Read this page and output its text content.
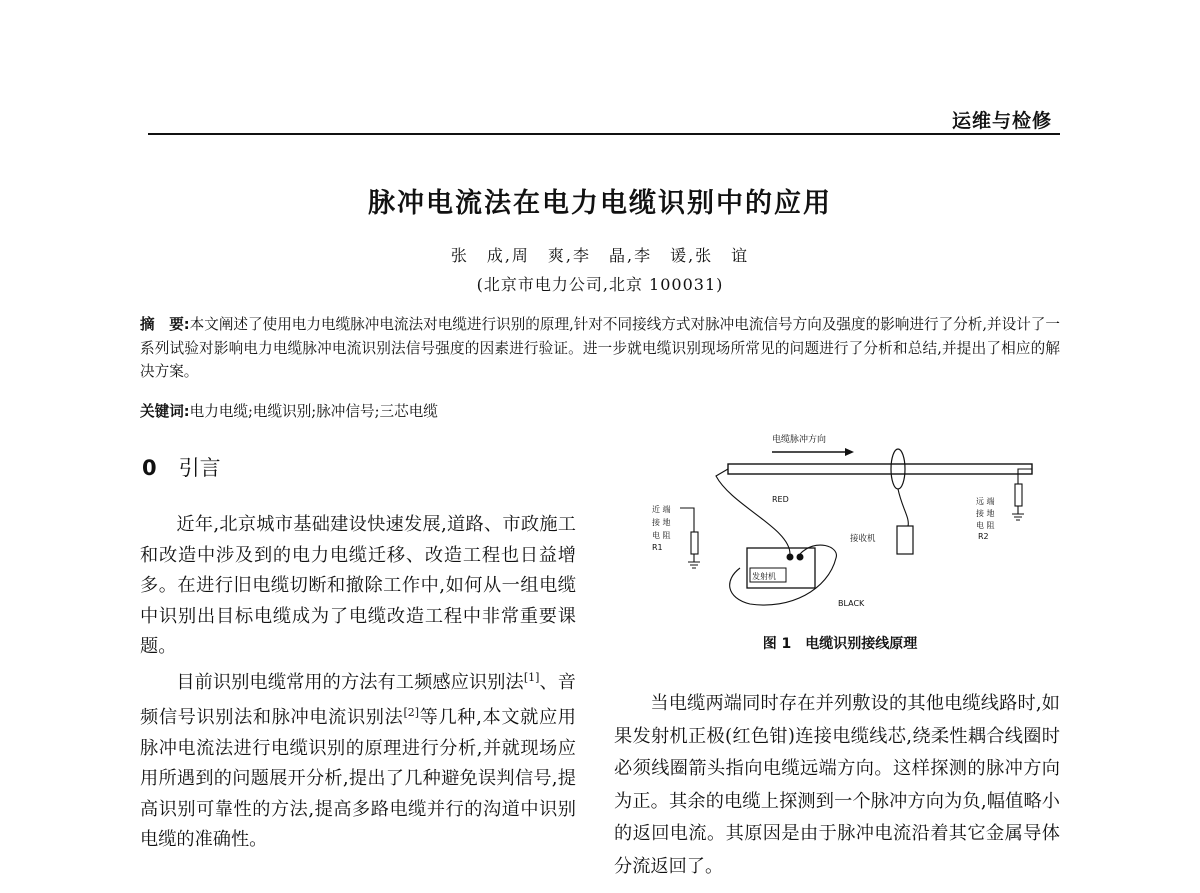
运维与检修
脉冲电流法在电力电缆识别中的应用
张　成,周　爽,李　晶,李　谖,张　谊
(北京市电力公司,北京 100031)
摘　要:本文阐述了使用电力电缆脉冲电流法对电缆进行识别的原理,针对不同接线方式对脉冲电流信号方向及强度的影响进行了分析,并设计了一系列试验对影响电力电缆脉冲电流识别法信号强度的因素进行验证。进一步就电缆识别现场所常见的问题进行了分析和总结,并提出了相应的解决方案。
关键词:电力电缆;电缆识别;脉冲信号;三芯电缆
0 引言

近年,北京城市基础建设快速发展,道路、市政施工和改造中涉及到的电力电缆迁移、改造工程也日益增多。在进行旧电缆切断和撤除工作中,如何从一组电缆中识别出目标电缆成为了电缆改造工程中非常重要课题。

目前识别电缆常用的方法有工频感应识别法[1]、音频信号识别法和脉冲电流识别法[2]等几种,本文就应用脉冲电流法进行电缆识别的原理进行分析,并就现场应用所遇到的问题展开分析,提出了几种避免误判信号,提高识别可靠性的方法,提高多路电缆并行的沟道中识别电缆的准确性。

电缆脉冲方向
接收机
远 端
接 地
电 阻
R2
发射机
RED
BLACK
近 端
接 地
电 阻
R1
图 1　电缆识别接线原理

当电缆两端同时存在并列敷设的其他电缆线路时,如果发射机正极(红色钳)连接电缆线芯,绕柔性耦合线圈时必须线圈箭头指向电缆远端方向。这样探测的脉冲方向为正。其余的电缆上探测到一个脉冲方向为负,幅值略小的返回电流。其原因是由于脉冲电流沿着其它金属导体分流返回了。
